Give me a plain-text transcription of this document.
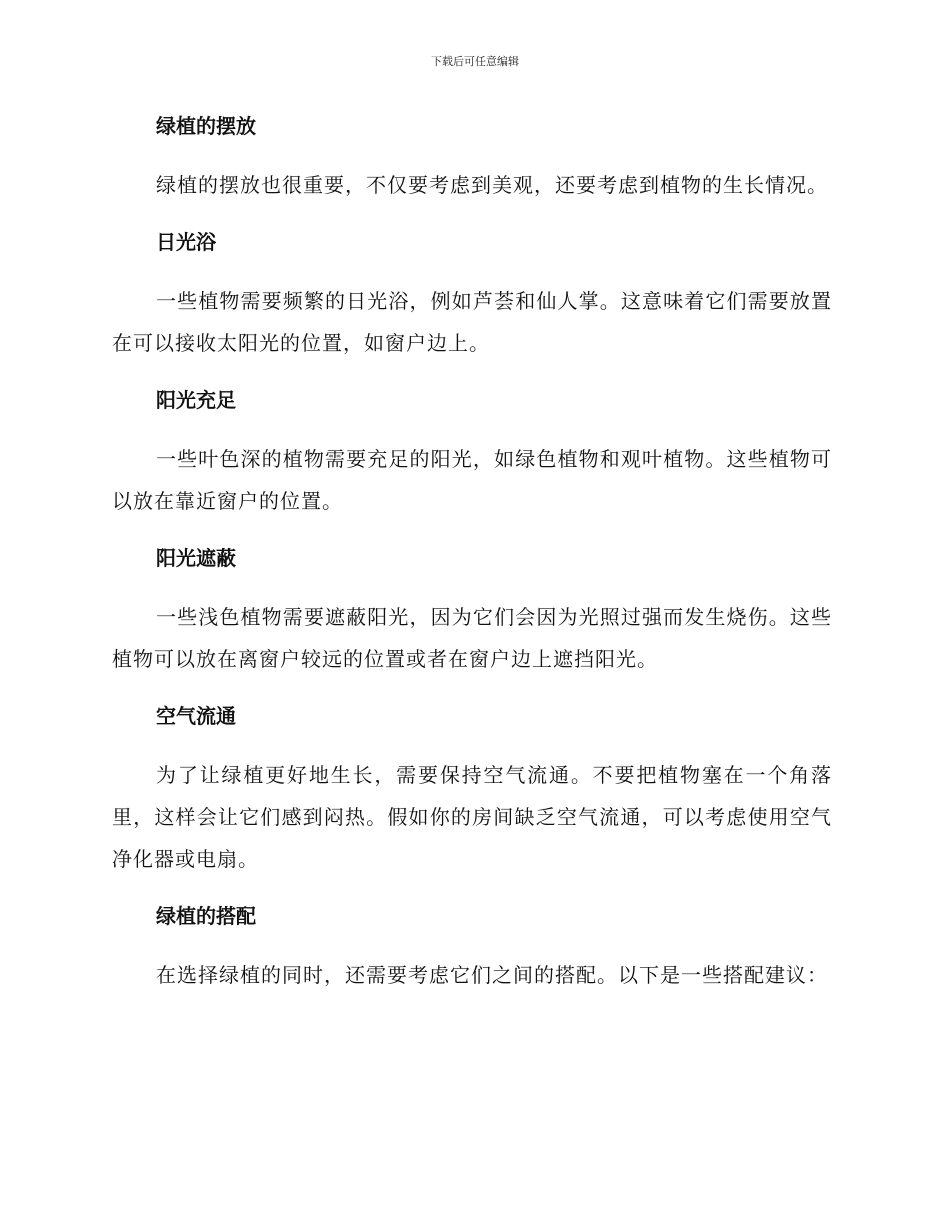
下载后可任意编辑
绿植的摆放

绿植的摆放也很重要，不仅要考虑到美观，还要考虑到植物的生长情况。

日光浴

一些植物需要频繁的日光浴，例如芦荟和仙人掌。这意味着它们需要放置在可以接收太阳光的位置，如窗户边上。

阳光充足

一些叶色深的植物需要充足的阳光，如绿色植物和观叶植物。这些植物可以放在靠近窗户的位置。

阳光遮蔽

一些浅色植物需要遮蔽阳光，因为它们会因为光照过强而发生烧伤。这些植物可以放在离窗户较远的位置或者在窗户边上遮挡阳光。

空气流通

为了让绿植更好地生长，需要保持空气流通。不要把植物塞在一个角落里，这样会让它们感到闷热。假如你的房间缺乏空气流通，可以考虑使用空气净化器或电扇。

绿植的搭配

在选择绿植的同时，还需要考虑它们之间的搭配。以下是一些搭配建议：
